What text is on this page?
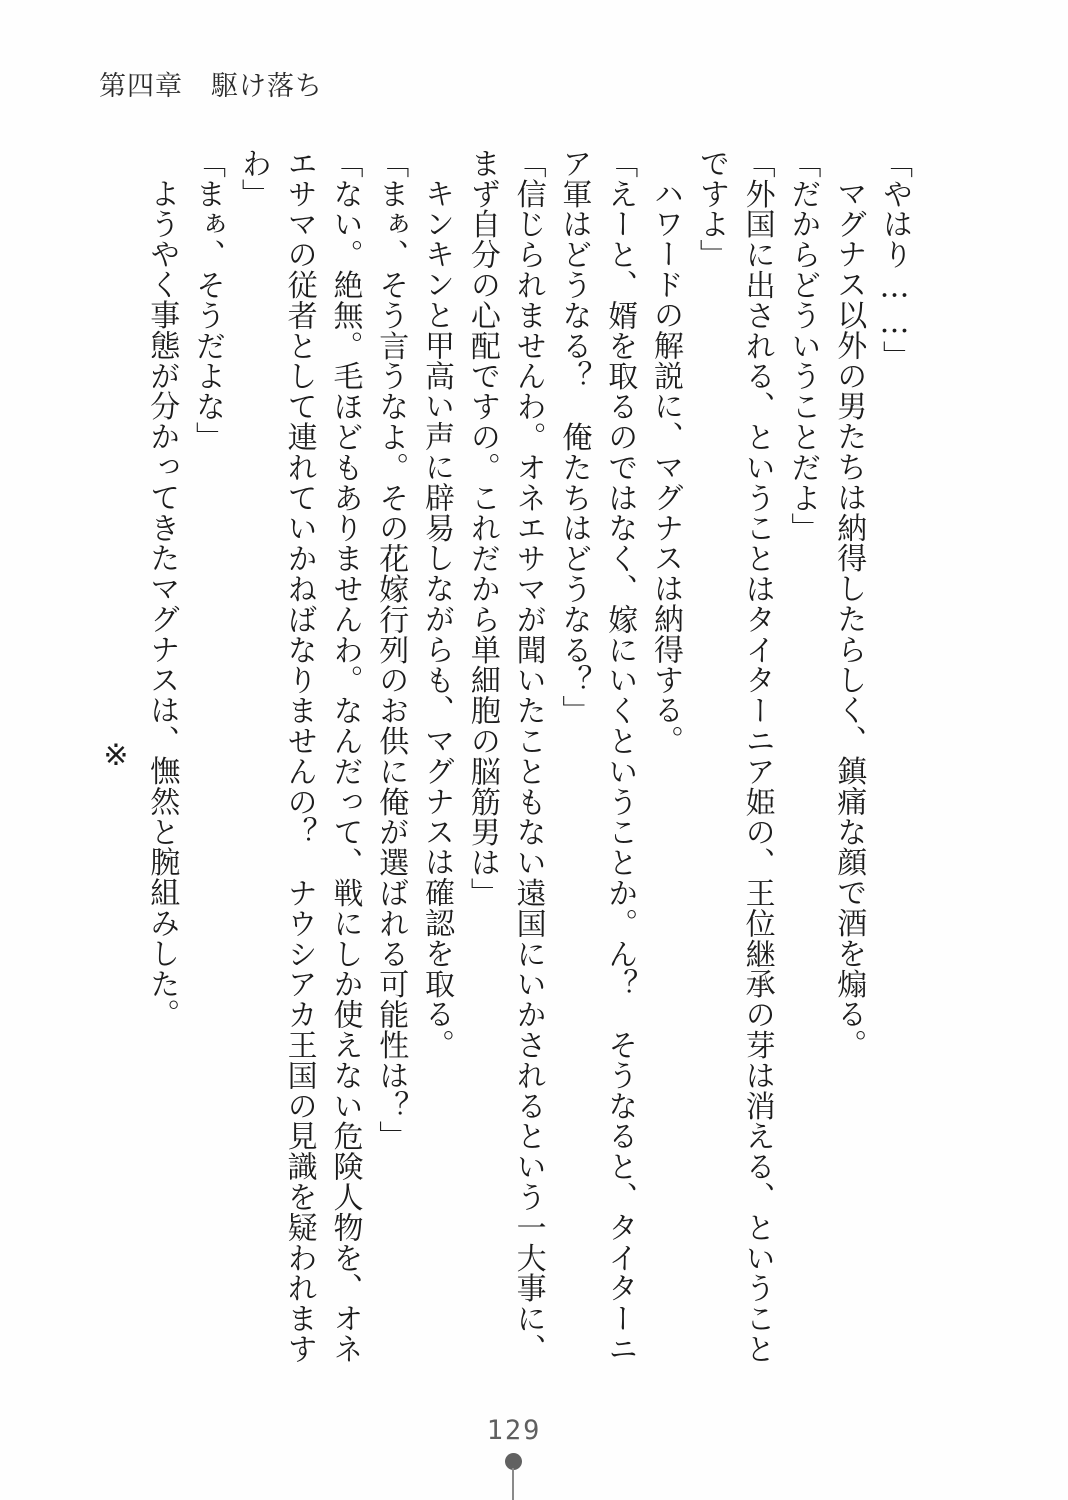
第四章　駆け落ち

「やはり……」

マグナス以外の男たちは納得したらしく、鎮痛な顔で酒を煽る。

「だからどういうことだよ」

「外国に出される、ということはタイターニア姫の、王位継承の芽は消える、ということですよ」

ハワードの解説に、マグナスは納得する。

「えーと、婿を取るのではなく、嫁にいくということか。ん？　そうなると、タイターニア軍はどうなる？　俺たちはどうなる？」

「信じられませんわ。オネエサマが聞いたこともない遠国にいかされるという一大事に、まず自分の心配ですの。これだから単細胞の脳筋男は」

キンキンと甲高い声に辟易しながらも、マグナスは確認を取る。

「まぁ、そう言うなよ。その花嫁行列のお供に俺が選ばれる可能性は？」

「ない。絶無。毛ほどもありませんわ。なんだって、戦にしか使えない危険人物を、オネエサマの従者として連れていかねばなりませんの？　ナウシアカ王国の見識を疑われますわ」

「まぁ、そうだよな」

ようやく事態が分かってきたマグナスは、憮然と腕組みした。

※

129
